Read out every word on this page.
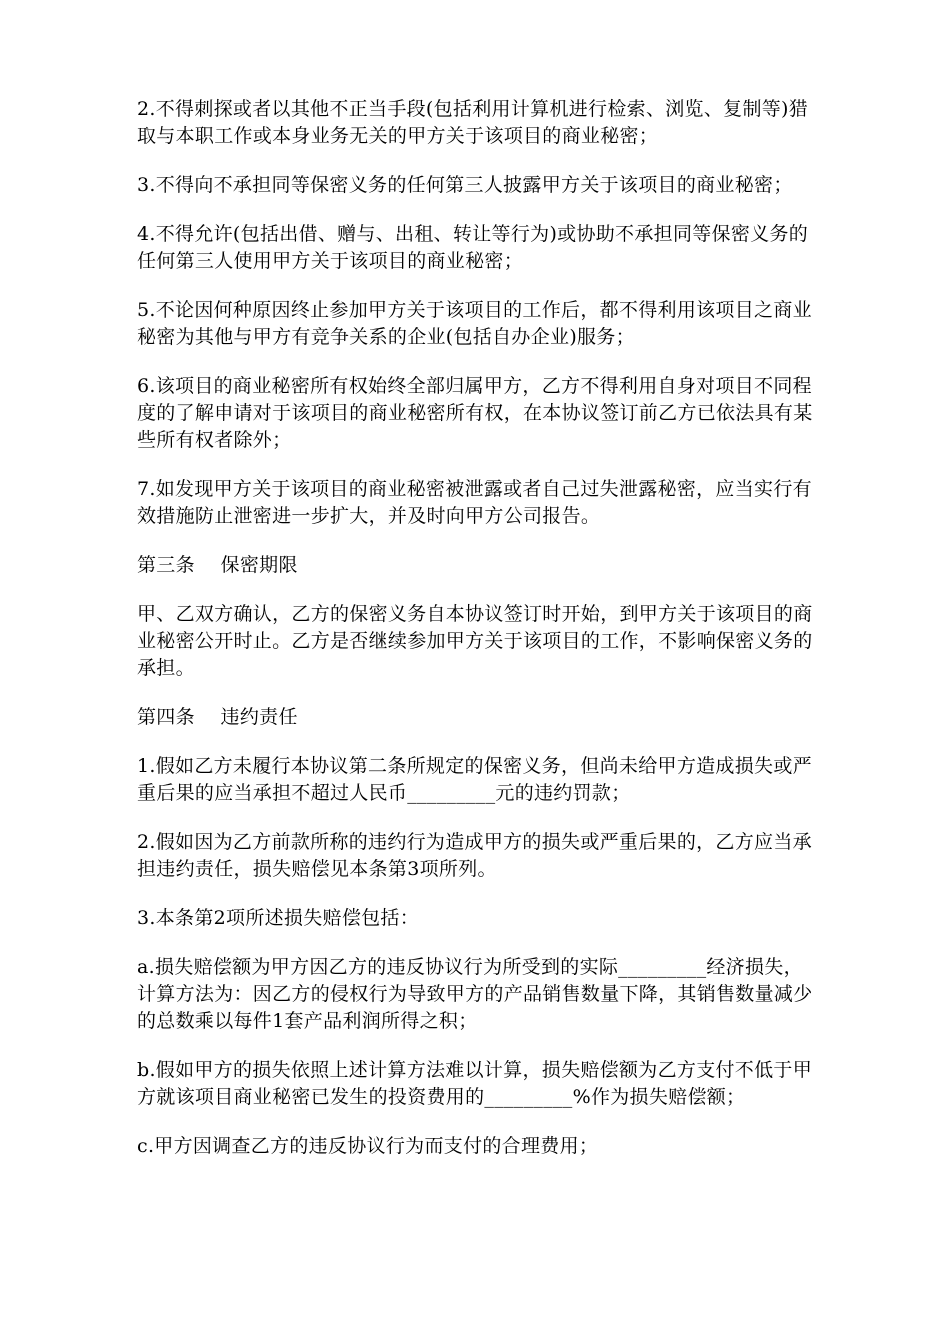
2.不得刺探或者以其他不正当手段(包括利用计算机进行检索、浏览、复制等)猎取与本职工作或本身业务无关的甲方关于该项目的商业秘密；

3.不得向不承担同等保密义务的任何第三人披露甲方关于该项目的商业秘密；

4.不得允许(包括出借、赠与、出租、转让等行为)或协助不承担同等保密义务的任何第三人使用甲方关于该项目的商业秘密；

5.不论因何种原因终止参加甲方关于该项目的工作后，都不得利用该项目之商业秘密为其他与甲方有竞争关系的企业(包括自办企业)服务；

6.该项目的商业秘密所有权始终全部归属甲方，乙方不得利用自身对项目不同程度的了解申请对于该项目的商业秘密所有权，在本协议签订前乙方已依法具有某些所有权者除外；

7.如发现甲方关于该项目的商业秘密被泄露或者自己过失泄露秘密，应当实行有效措施防止泄密进一步扩大，并及时向甲方公司报告。

第三条　 保密期限

甲、乙双方确认，乙方的保密义务自本协议签订时开始，到甲方关于该项目的商业秘密公开时止。乙方是否继续参加甲方关于该项目的工作，不影响保密义务的承担。

第四条　 违约责任

1.假如乙方未履行本协议第二条所规定的保密义务，但尚未给甲方造成损失或严重后果的应当承担不超过人民币_________元的违约罚款；

2.假如因为乙方前款所称的违约行为造成甲方的损失或严重后果的，乙方应当承担违约责任，损失赔偿见本条第3项所列。

3.本条第2项所述损失赔偿包括：

a.损失赔偿额为甲方因乙方的违反协议行为所受到的实际_________经济损失，计算方法为：因乙方的侵权行为导致甲方的产品销售数量下降，其销售数量减少的总数乘以每件1套产品利润所得之积；

b.假如甲方的损失依照上述计算方法难以计算，损失赔偿额为乙方支付不低于甲方就该项目商业秘密已发生的投资费用的_________%作为损失赔偿额；

c.甲方因调查乙方的违反协议行为而支付的合理费用；
